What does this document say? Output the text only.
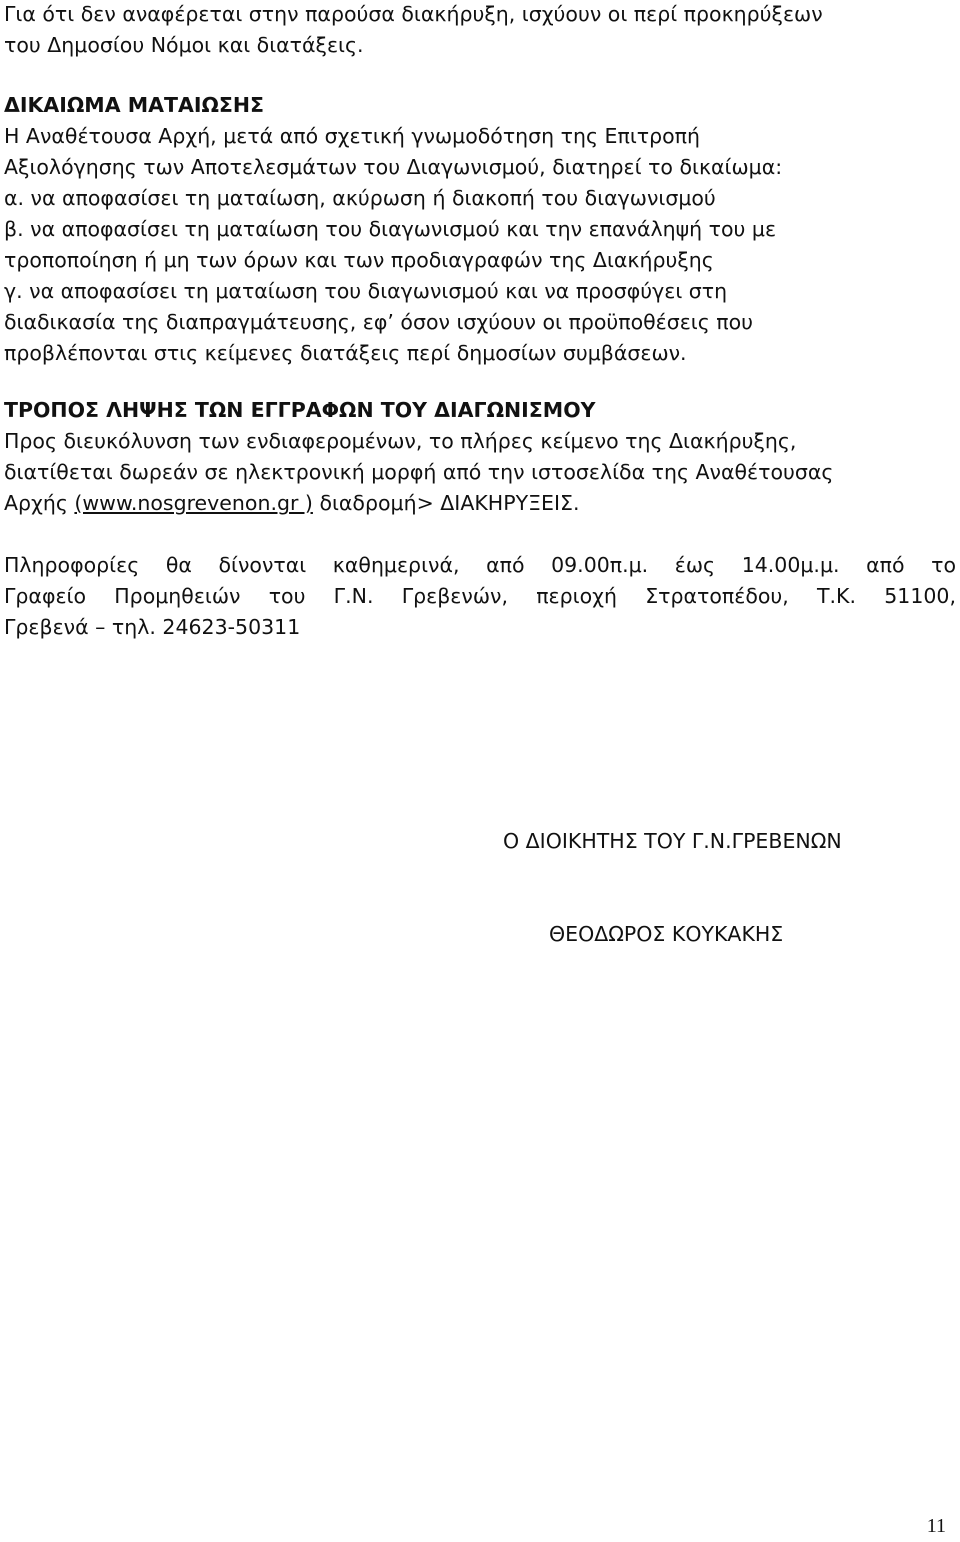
Για ότι δεν αναφέρεται στην παρούσα διακήρυξη, ισχύουν οι περί προκηρύξεων
του Δημοσίου Νόμοι και διατάξεις.
ΔΙΚΑΙΩΜΑ ΜΑΤΑΙΩΣΗΣ
Η Αναθέτουσα Αρχή, μετά από σχετική γνωμοδότηση της Επιτροπή
Αξιολόγησης των Αποτελεσμάτων του Διαγωνισμού, διατηρεί το δικαίωμα:
α. να αποφασίσει τη ματαίωση, ακύρωση ή διακοπή του διαγωνισμού
β. να αποφασίσει τη ματαίωση του διαγωνισμού και την επανάληψή του με
τροποποίηση ή μη των όρων και των προδιαγραφών της Διακήρυξης
γ. να αποφασίσει τη ματαίωση του διαγωνισμού και να προσφύγει στη
διαδικασία της διαπραγμάτευσης, εφ’ όσον ισχύουν οι προϋποθέσεις που
προβλέπονται στις κείμενες διατάξεις περί δημοσίων συμβάσεων.
ΤΡΟΠΟΣ ΛΗΨΗΣ ΤΩΝ ΕΓΓΡΑΦΩΝ ΤΟΥ ΔΙΑΓΩΝΙΣΜΟΥ
Προς διευκόλυνση των ενδιαφερομένων, το πλήρες κείμενο της Διακήρυξης,
διατίθεται δωρεάν σε ηλεκτρονική μορφή από την ιστοσελίδα της Αναθέτουσας
Αρχής (www.nosgrevenon.gr ) διαδρομή> ΔΙΑΚΗΡΥΞΕΙΣ.
Πληροφορίες θα δίνονται καθημερινά, από 09.00π.μ. έως 14.00μ.μ. από το
Γραφείο Προμηθειών του Γ.Ν. Γρεβενών, περιοχή Στρατοπέδου, Τ.Κ. 51100,
Γρεβενά – τηλ. 24623-50311
Ο ΔΙΟΙΚΗΤΗΣ ΤΟΥ Γ.Ν.ΓΡΕΒΕΝΩΝ
ΘΕΟΔΩΡΟΣ ΚΟΥΚΑΚΗΣ
11
